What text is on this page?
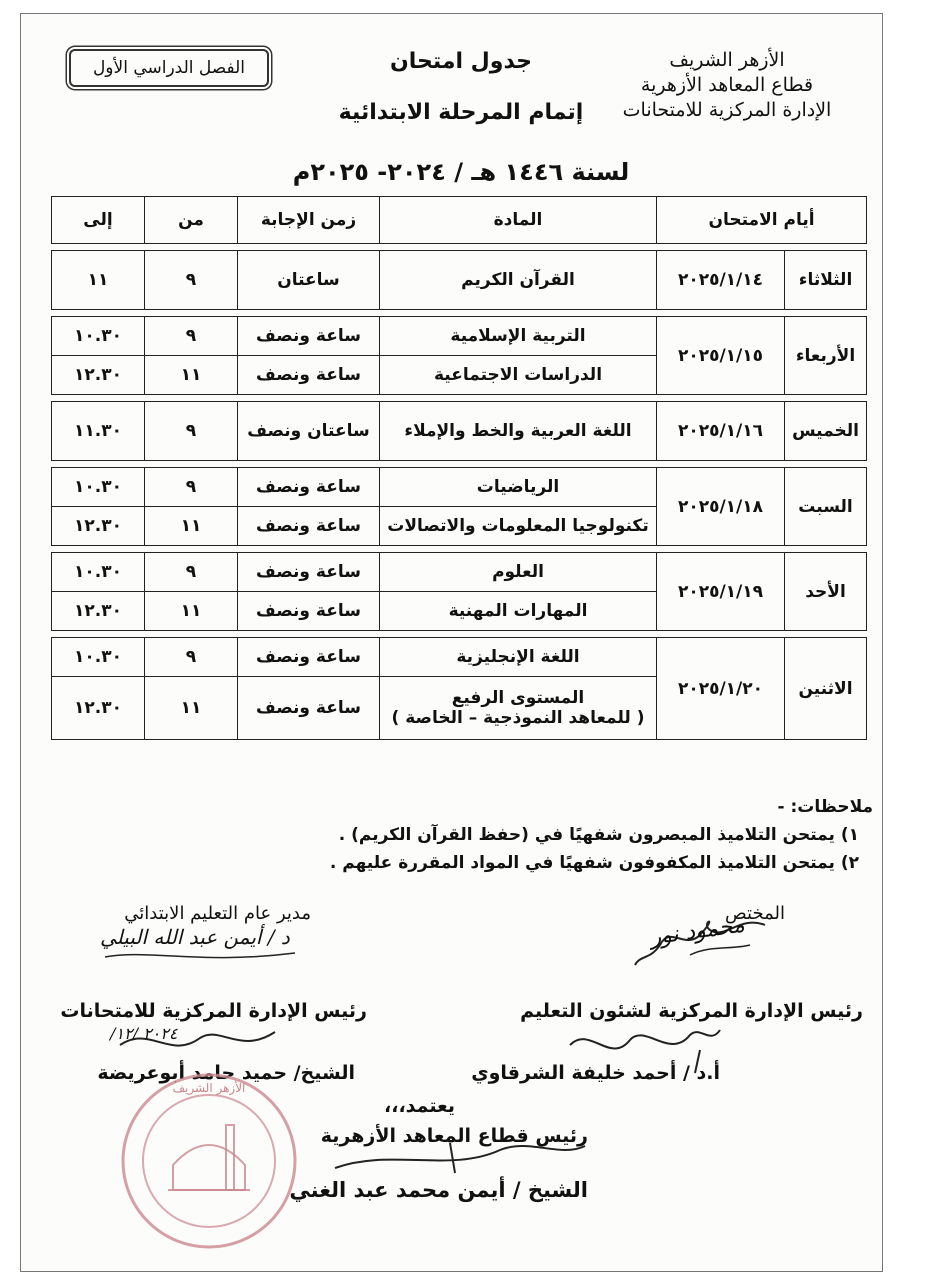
الأزهر الشريف
قطاع المعاهد الأزهرية
الإدارة المركزية للامتحانات
الفصل الدراسي الأول	جدول امتحان
إتمام المرحلة الابتدائية
لسنة ١٤٤٦ هـ / ٢٠٢٤- ٢٠٢٥م
أيام الامتحان		المادة	زمن الإجابة	من	إلى

الثلاثاء	٢٠٢٥/١/١٤	القرآن الكريم	ساعتان	٩	١١

الأربعاء	٢٠٢٥/١/١٥	التربية الإسلامية	ساعة ونصف	٩	١٠.٣٠

		الدراسات الاجتماعية	ساعة ونصف	١١	١٢.٣٠

الخميس	٢٠٢٥/١/١٦	اللغة العربية والخط والإملاء	ساعتان ونصف	٩	١١.٣٠

السبت	٢٠٢٥/١/١٨	الرياضيات	ساعة ونصف	٩	١٠.٣٠

		تكنولوجيا المعلومات والاتصالات	ساعة ونصف	١١	١٢.٣٠

الأحد	٢٠٢٥/١/١٩	العلوم	ساعة ونصف	٩	١٠.٣٠

		المهارات المهنية	ساعة ونصف	١١	١٢.٣٠

الاثنين	٢٠٢٥/١/٢٠	اللغة الإنجليزية	ساعة ونصف	٩	١٠.٣٠

		المستوى الرفيع
( للمعاهد النموذجية – الخاصة )	ساعة ونصف	١١	١٢.٣٠
ملاحظات: -
١) يمتحن التلاميذ المبصرون شفهيًا في (حفظ القرآن الكريم) .
٢) يمتحن التلاميذ المكفوفون شفهيًا في المواد المقررة عليهم .
المختص
محمود نور
مدير عام التعليم الابتدائي
د / أيمن عبد الله البيلي
رئيس الإدارة المركزية لشئون التعليم
أ.د / أحمد خليفة الشرقاوي
رئيس الإدارة المركزية للامتحانات
الشيخ/ حميد حامد أبوعريضة
٢٠٢٤ /١٢/
يعتمد،،،
رئيس قطاع المعاهد الأزهرية
الشيخ / أيمن محمد عبد الغني
الأزهر الشريف
